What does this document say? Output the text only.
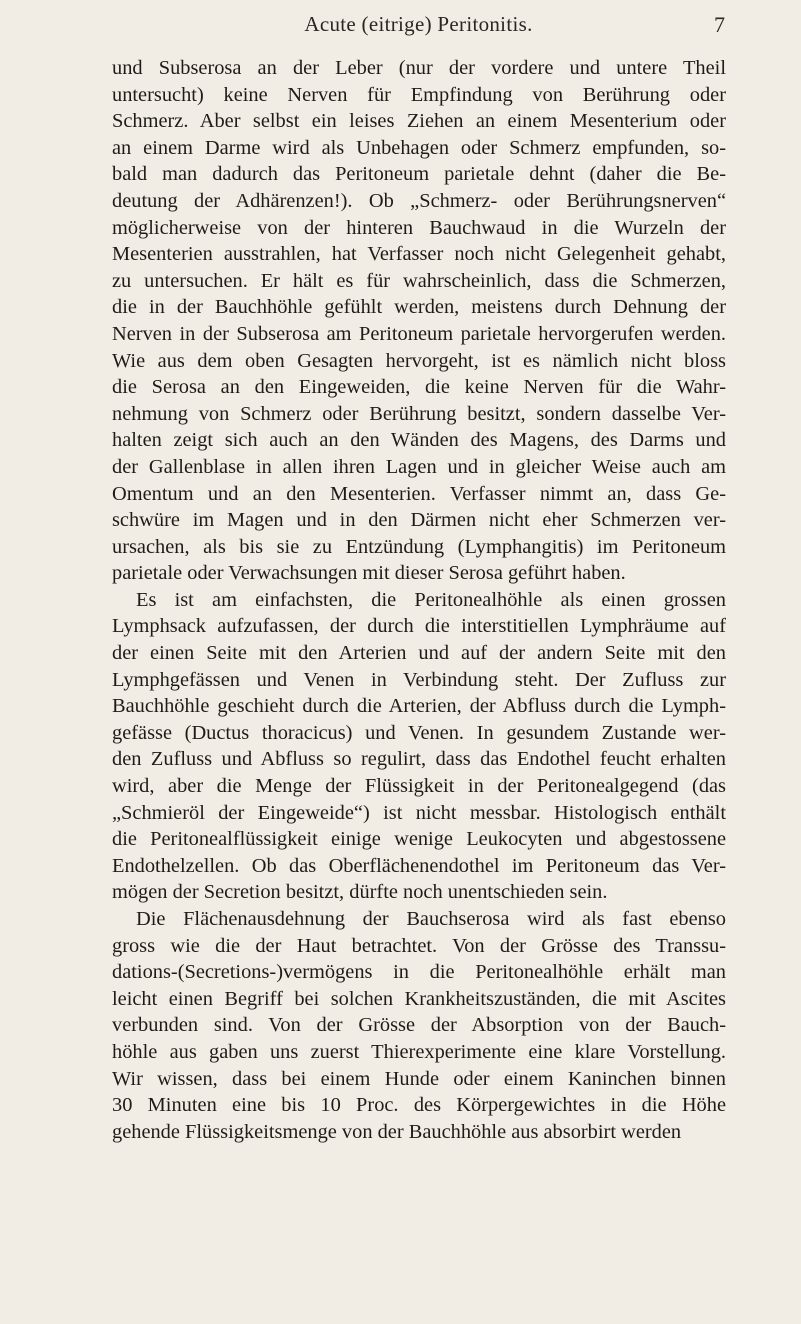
Acute (eitrige) Peritonitis.	7
und Subserosa an der Leber (nur der vordere und untere Theil
untersucht) keine Nerven für Empfindung von Berührung oder
Schmerz. Aber selbst ein leises Ziehen an einem Mesenterium oder
an einem Darme wird als Unbehagen oder Schmerz empfunden, so-
bald man dadurch das Peritoneum parietale dehnt (daher die Be-
deutung der Adhärenzen!). Ob „Schmerz- oder Berührungsnerven“
möglicherweise von der hinteren Bauchwaud in die Wurzeln der
Mesenterien ausstrahlen, hat Verfasser noch nicht Gelegenheit gehabt,
zu untersuchen. Er hält es für wahrscheinlich, dass die Schmerzen,
die in der Bauchhöhle gefühlt werden, meistens durch Dehnung der
Nerven in der Subserosa am Peritoneum parietale hervorgerufen werden.
Wie aus dem oben Gesagten hervorgeht, ist es nämlich nicht bloss
die Serosa an den Eingeweiden, die keine Nerven für die Wahr-
nehmung von Schmerz oder Berührung besitzt, sondern dasselbe Ver-
halten zeigt sich auch an den Wänden des Magens, des Darms und
der Gallenblase in allen ihren Lagen und in gleicher Weise auch am
Omentum und an den Mesenterien. Verfasser nimmt an, dass Ge-
schwüre im Magen und in den Därmen nicht eher Schmerzen ver-
ursachen, als bis sie zu Entzündung (Lymphangitis) im Peritoneum
parietale oder Verwachsungen mit dieser Serosa geführt haben.
Es ist am einfachsten, die Peritonealhöhle als einen grossen
Lymphsack aufzufassen, der durch die interstitiellen Lymphräume auf
der einen Seite mit den Arterien und auf der andern Seite mit den
Lymphgefässen und Venen in Verbindung steht. Der Zufluss zur
Bauchhöhle geschieht durch die Arterien, der Abfluss durch die Lymph-
gefässe (Ductus thoracicus) und Venen. In gesundem Zustande wer-
den Zufluss und Abfluss so regulirt, dass das Endothel feucht erhalten
wird, aber die Menge der Flüssigkeit in der Peritonealgegend (das
„Schmieröl der Eingeweide“) ist nicht messbar. Histologisch enthält
die Peritonealflüssigkeit einige wenige Leukocyten und abgestossene
Endothelzellen. Ob das Oberflächenendothel im Peritoneum das Ver-
mögen der Secretion besitzt, dürfte noch unentschieden sein.
Die Flächenausdehnung der Bauchserosa wird als fast ebenso
gross wie die der Haut betrachtet. Von der Grösse des Transsu-
dations-(Secretions-)vermögens in die Peritonealhöhle erhält man
leicht einen Begriff bei solchen Krankheitszuständen, die mit Ascites
verbunden sind. Von der Grösse der Absorption von der Bauch-
höhle aus gaben uns zuerst Thierexperimente eine klare Vorstellung.
Wir wissen, dass bei einem Hunde oder einem Kaninchen binnen
30 Minuten eine bis 10 Proc. des Körpergewichtes in die Höhe
gehende Flüssigkeitsmenge von der Bauchhöhle aus absorbirt werden
